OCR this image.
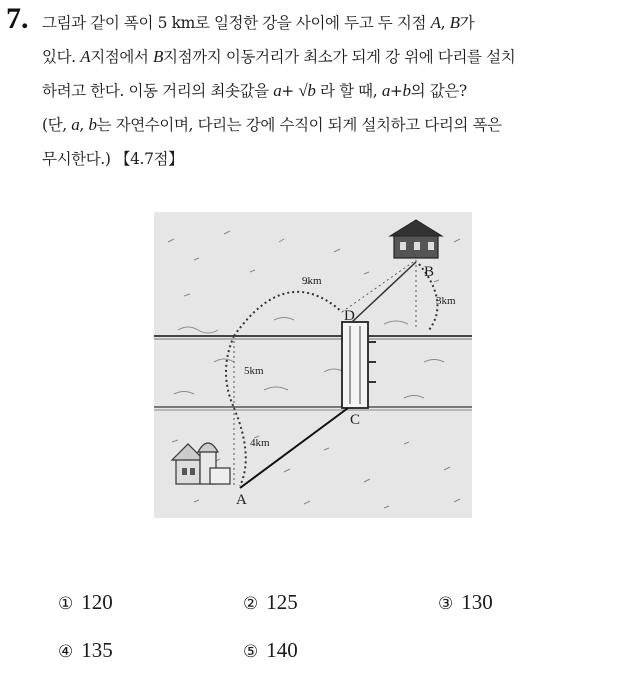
7. 그림과 같이 폭이 5 km로 일정한 강을 사이에 두고 두 지점 A, B가
있다. A지점에서 B지점까지 이동거리가 최소가 되게 강 위에 다리를 설치
하려고 한다. 이동 거리의 최솟값을 a+ √b 라 할 때, a+b의 값은?
(단, a, b는 자연수이며, 다리는 강에 수직이 되게 설치하고 다리의 폭은
무시한다.) 【4.7점】
A
B
C
D
9km
3km
5km
4km
① 120	② 125	③ 130
④ 135	⑤ 140
